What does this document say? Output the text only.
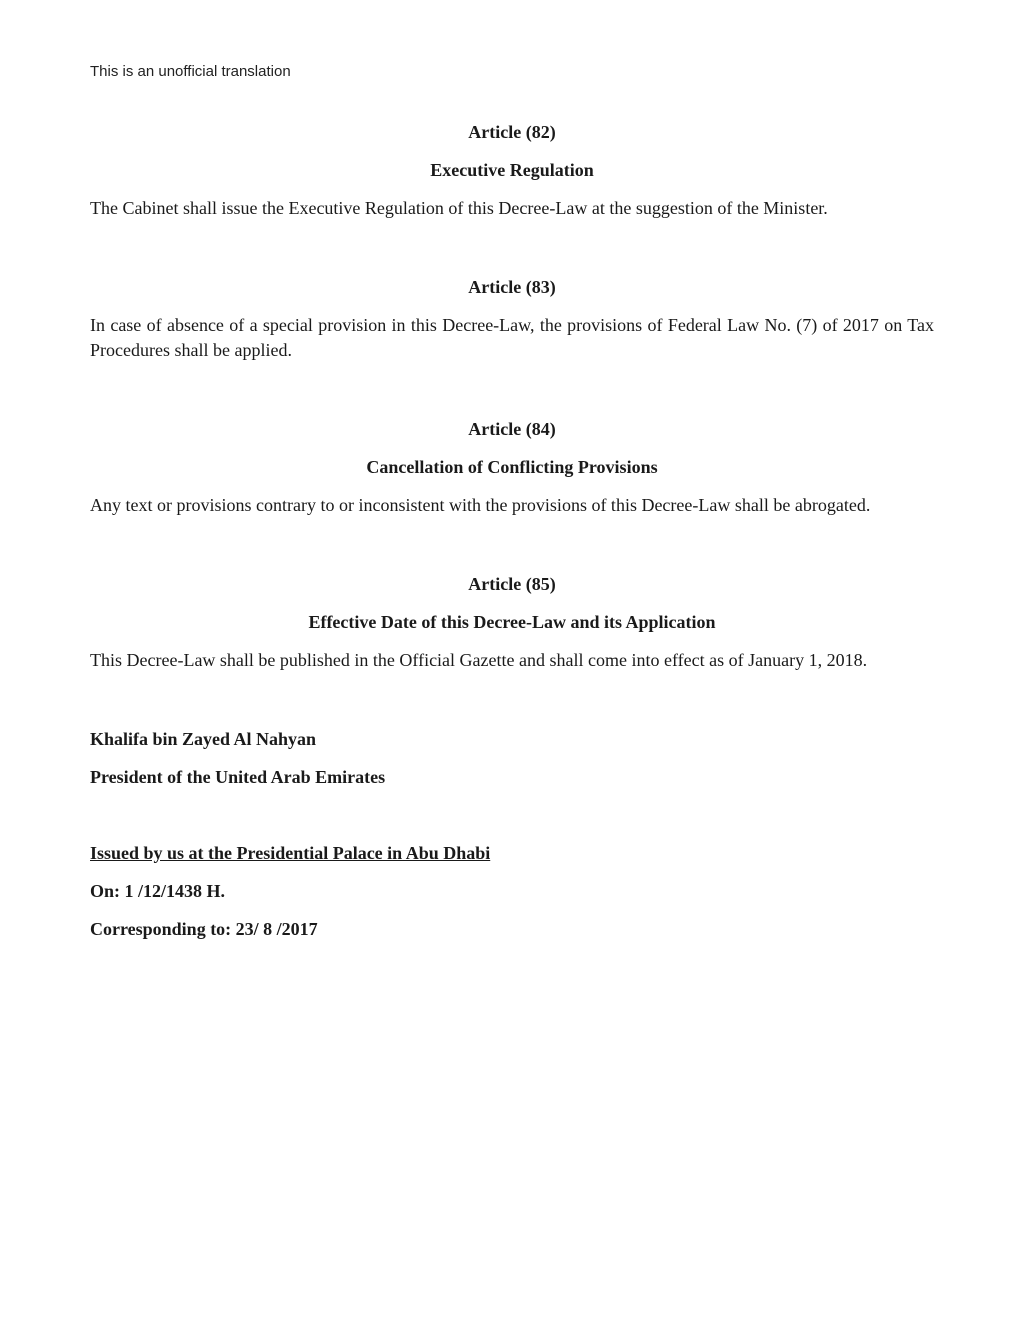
This is an unofficial translation

Article (82)

Executive Regulation

The Cabinet shall issue the Executive Regulation of this Decree-Law at the suggestion of the Minister.

Article (83)

In case of absence of a special provision in this Decree-Law, the provisions of Federal Law No. (7) of 2017 on Tax Procedures shall be applied.

Article (84)

Cancellation of Conflicting Provisions

Any text or provisions contrary to or inconsistent with the provisions of this Decree-Law shall be abrogated.

Article (85)

Effective Date of this Decree-Law and its Application

This Decree-Law shall be published in the Official Gazette and shall come into effect as of January 1, 2018.

Khalifa bin Zayed Al Nahyan

President of the United Arab Emirates

Issued by us at the Presidential Palace in Abu Dhabi

On: 1 /12/1438 H.

Corresponding to: 23/ 8 /2017
